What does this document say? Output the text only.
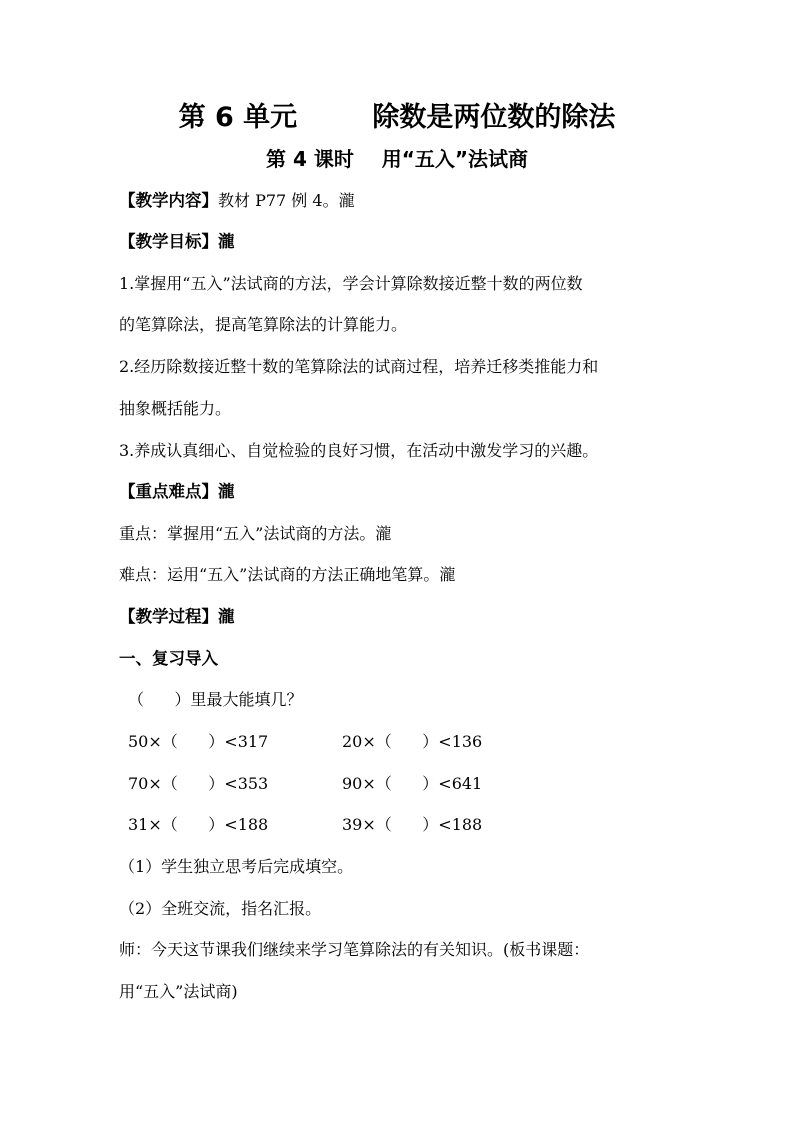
第 6 单元        除数是两位数的除法
第 4 课时    用“五入”法试商
【教学内容】教材 P77 例 4。瀧
【教学目标】瀧
1.掌握用“五入”法试商的方法，学会计算除数接近整十数的两位数
的笔算除法，提高笔算除法的计算能力。
2.经历除数接近整十数的笔算除法的试商过程，培养迁移类推能力和
抽象概括能力。
3.养成认真细心、自觉检验的良好习惯，在活动中激发学习的兴趣。
【重点难点】瀧
重点：掌握用“五入”法试商的方法。瀧
难点：运用“五入”法试商的方法正确地笔算。瀧
【教学过程】瀧
一、复习导入
（      ）里最大能填几？
50×（      ）<317	20×（      ）<136
70×（      ）<353	90×（      ）<641
31×（      ）<188	39×（      ）<188
（1）学生独立思考后完成填空。
（2）全班交流，指名汇报。
师：今天这节课我们继续来学习笔算除法的有关知识。(板书课题：
用“五入”法试商)
